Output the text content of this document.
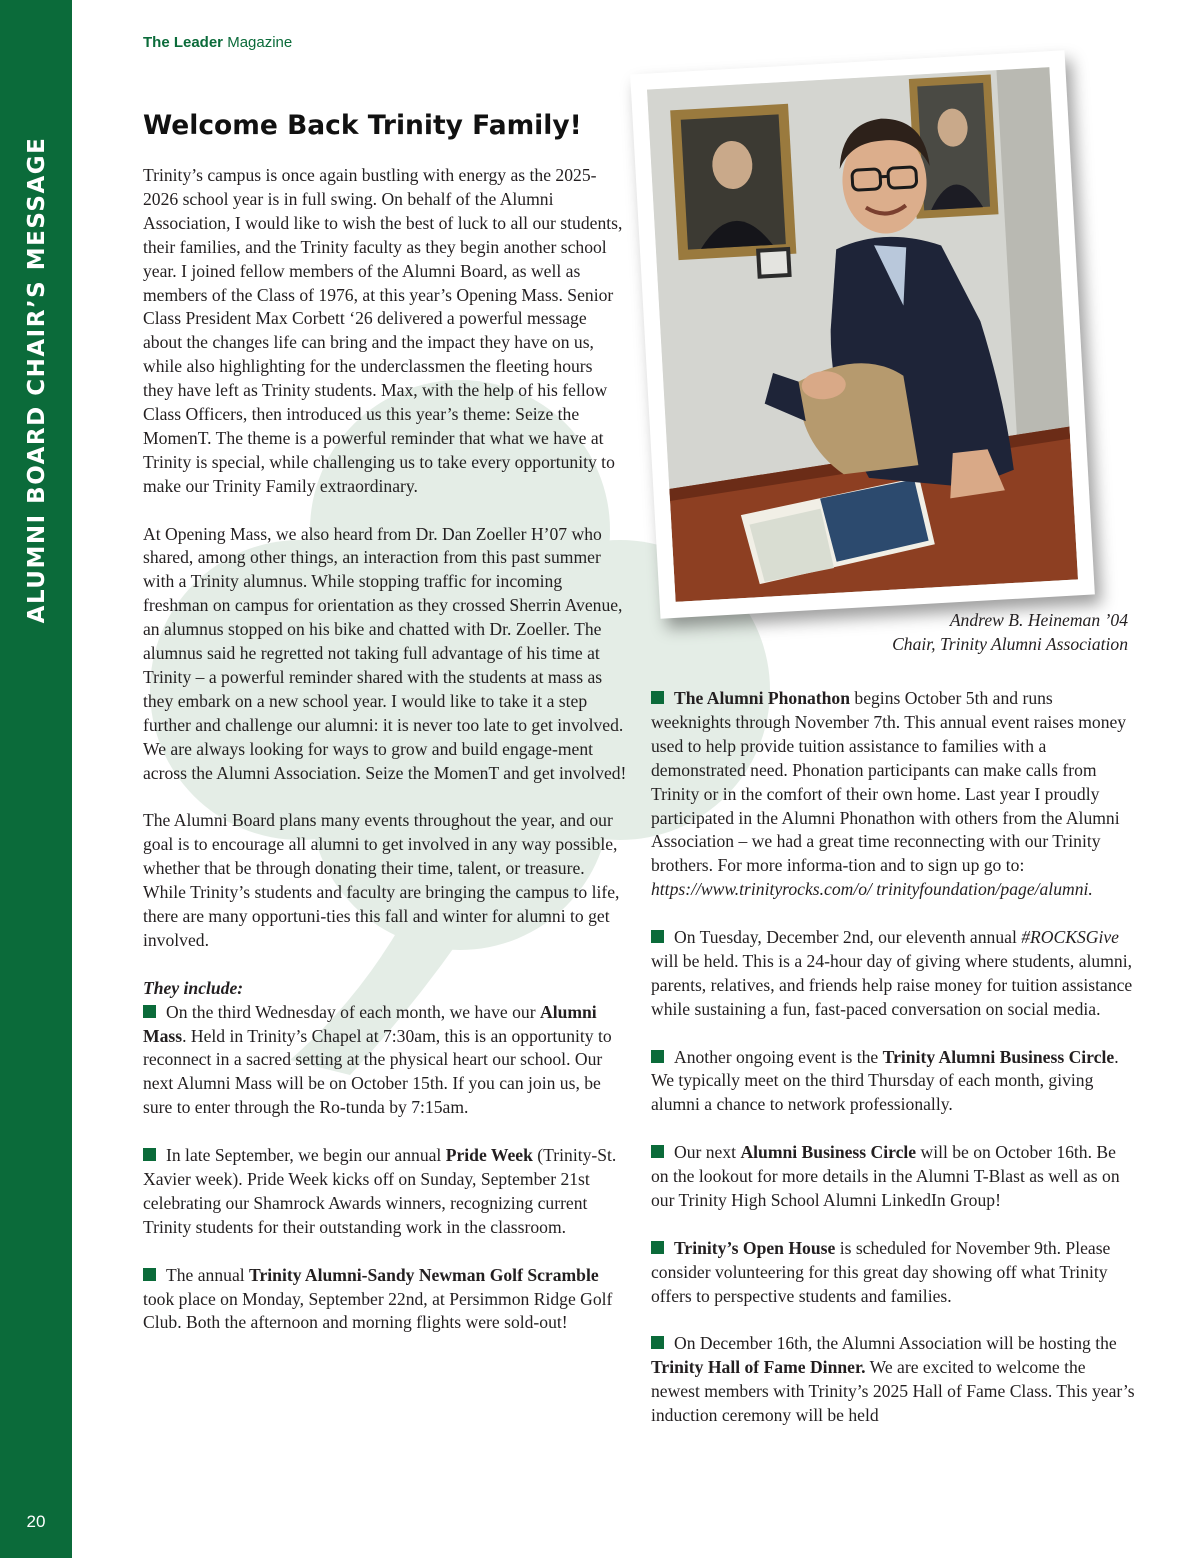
ALUMNI BOARD CHAIR’S MESSAGE
20
The Leader Magazine
Welcome Back Trinity Family!

Trinity’s campus is once again bustling with energy as the 2025-2026 school year is in full swing. On behalf of the Alumni Association, I would like to wish the best of luck to all our students, their families, and the Trinity faculty as they begin another school year. I joined fellow members of the Alumni Board, as well as members of the Class of 1976, at this year’s Opening Mass. Senior Class President Max Corbett ‘26 delivered a powerful message about the changes life can bring and the impact they have on us, while also highlighting for the underclassmen the fleeting hours they have left as Trinity students. Max, with the help of his fellow Class Officers, then introduced us this year’s theme: Seize the MomenT. The theme is a powerful reminder that what we have at Trinity is special, while challenging us to take every opportunity to make our Trinity Family extraordinary.

At Opening Mass, we also heard from Dr. Dan Zoeller H’07 who shared, among other things, an interaction from this past summer with a Trinity alumnus. While stopping traffic for incoming freshman on campus for orientation as they crossed Sherrin Avenue, an alumnus stopped on his bike and chatted with Dr. Zoeller. The alumnus said he regretted not taking full advantage of his time at Trinity – a powerful reminder shared with the students at mass as they embark on a new school year. I would like to take it a step further and challenge our alumni: it is never too late to get involved. We are always looking for ways to grow and build engage-ment across the Alumni Association. Seize the MomenT and get involved!

The Alumni Board plans many events throughout the year, and our goal is to encourage all alumni to get involved in any way possible, whether that be through donating their time, talent, or treasure. While Trinity’s students and faculty are bringing the campus to life, there are many opportuni-ties this fall and winter for alumni to get involved.

They include:

On the third Wednesday of each month, we have our Alumni Mass. Held in Trinity’s Chapel at 7:30am, this is an opportunity to reconnect in a sacred setting at the physical heart our school. Our next Alumni Mass will be on October 15th. If you can join us, be sure to enter through the Ro-tunda by 7:15am.

In late September, we begin our annual Pride Week (Trinity-St. Xavier week). Pride Week kicks off on Sunday, September 21st celebrating our Shamrock Awards winners, recognizing current Trinity students for their outstanding work in the classroom.

The annual Trinity Alumni-Sandy Newman Golf Scramble took place on Monday, September 22nd, at Persimmon Ridge Golf Club. Both the afternoon and morning flights were sold-out!

Andrew B. Heineman ’04
Chair, Trinity Alumni Association

The Alumni Phonathon begins October 5th and runs weeknights through November 7th. This annual event raises money used to help provide tuition assistance to families with a demonstrated need. Phonation participants can make calls from Trinity or in the comfort of their own home. Last year I proudly participated in the Alumni Phonathon with others from the Alumni Association – we had a great time reconnecting with our Trinity brothers. For more informa-tion and to sign up go to: https://www.trinityrocks.com/o/ trinityfoundation/page/alumni.

On Tuesday, December 2nd, our eleventh annual #ROCKSGive will be held. This is a 24-hour day of giving where students, alumni, parents, relatives, and friends help raise money for tuition assistance while sustaining a fun, fast-paced conversation on social media.

Another ongoing event is the Trinity Alumni Business Circle. We typically meet on the third Thursday of each month, giving alumni a chance to network professionally.

Our next Alumni Business Circle will be on October 16th. Be on the lookout for more details in the Alumni T-Blast as well as on our Trinity High School Alumni LinkedIn Group!

Trinity’s Open House is scheduled for November 9th. Please consider volunteering for this great day showing off what Trinity offers to perspective students and families.

On December 16th, the Alumni Association will be hosting the Trinity Hall of Fame Dinner. We are excited to welcome the newest members with Trinity’s 2025 Hall of Fame Class. This year’s induction ceremony will be held
